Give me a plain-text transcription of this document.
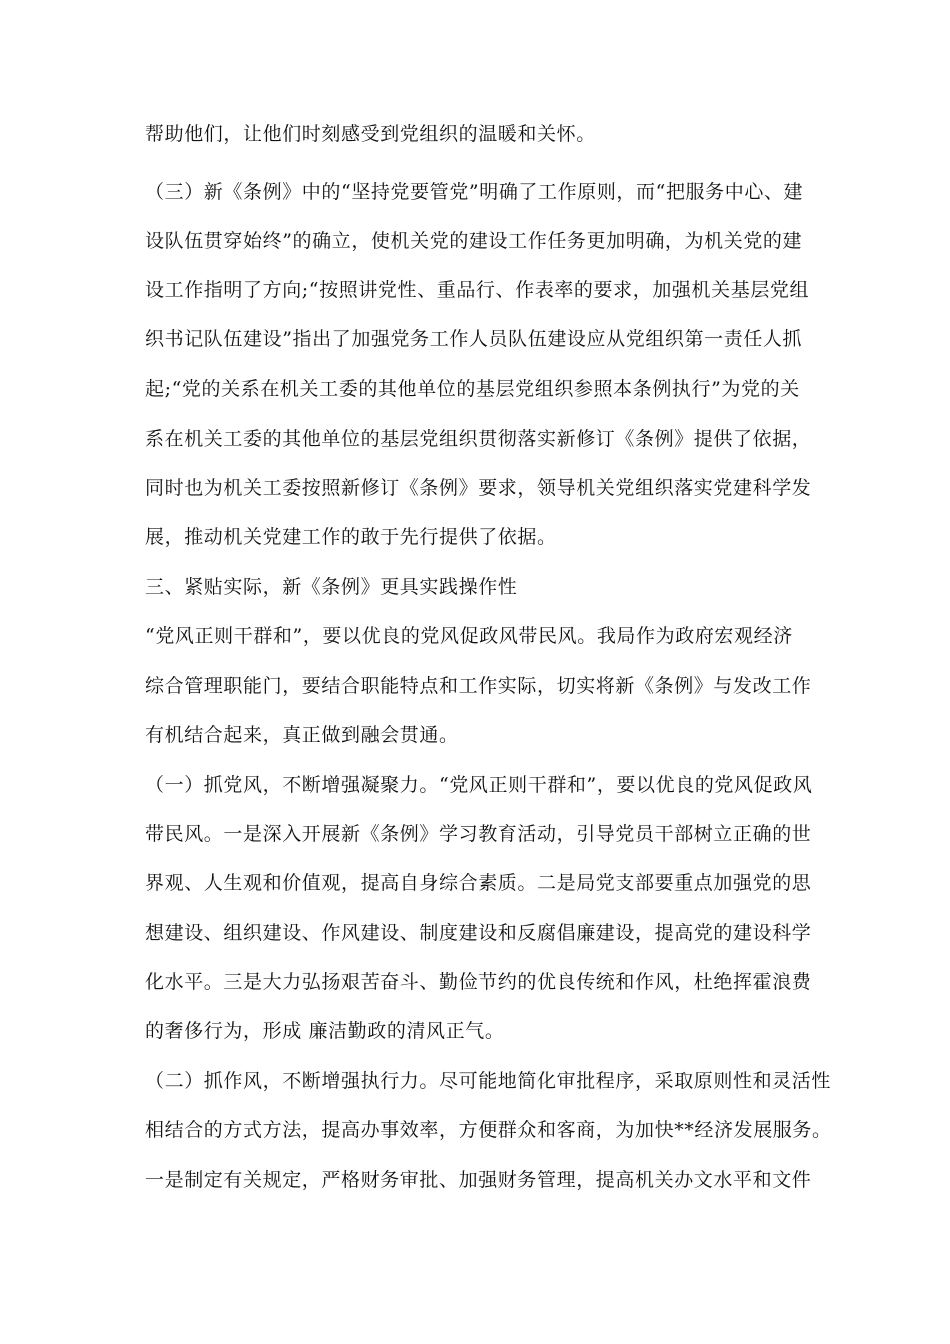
帮助他们，让他们时刻感受到党组织的温暖和关怀。
（三）新《条例》中的“坚持党要管党”明确了工作原则，而“把服务中心、建
设队伍贯穿始终”的确立，使机关党的建设工作任务更加明确，为机关党的建
设工作指明了方向;“按照讲党性、重品行、作表率的要求，加强机关基层党组
织书记队伍建设”指出了加强党务工作人员队伍建设应从党组织第一责任人抓
起;“党的关系在机关工委的其他单位的基层党组织参照本条例执行”为党的关
系在机关工委的其他单位的基层党组织贯彻落实新修订《条例》提供了依据，
同时也为机关工委按照新修订《条例》要求，领导机关党组织落实党建科学发
展，推动机关党建工作的敢于先行提供了依据。
三、紧贴实际，新《条例》更具实践操作性
“党风正则干群和”，要以优良的党风促政风带民风。我局作为政府宏观经济
综合管理职能门，要结合职能特点和工作实际，切实将新《条例》与发改工作
有机结合起来，真正做到融会贯通。
（一）抓党风，不断增强凝聚力。“党风正则干群和”，要以优良的党风促政风
带民风。一是深入开展新《条例》学习教育活动，引导党员干部树立正确的世
界观、人生观和价值观，提高自身综合素质。二是局党支部要重点加强党的思
想建设、组织建设、作风建设、制度建设和反腐倡廉建设，提高党的建设科学
化水平。三是大力弘扬艰苦奋斗、勤俭节约的优良传统和作风，杜绝挥霍浪费
的奢侈行为，形成 廉洁勤政的清风正气。
（二）抓作风，不断增强执行力。尽可能地简化审批程序，采取原则性和灵活性
相结合的方式方法，提高办事效率，方便群众和客商，为加快**经济发展服务。
一是制定有关规定，严格财务审批、加强财务管理，提高机关办文水平和文件
